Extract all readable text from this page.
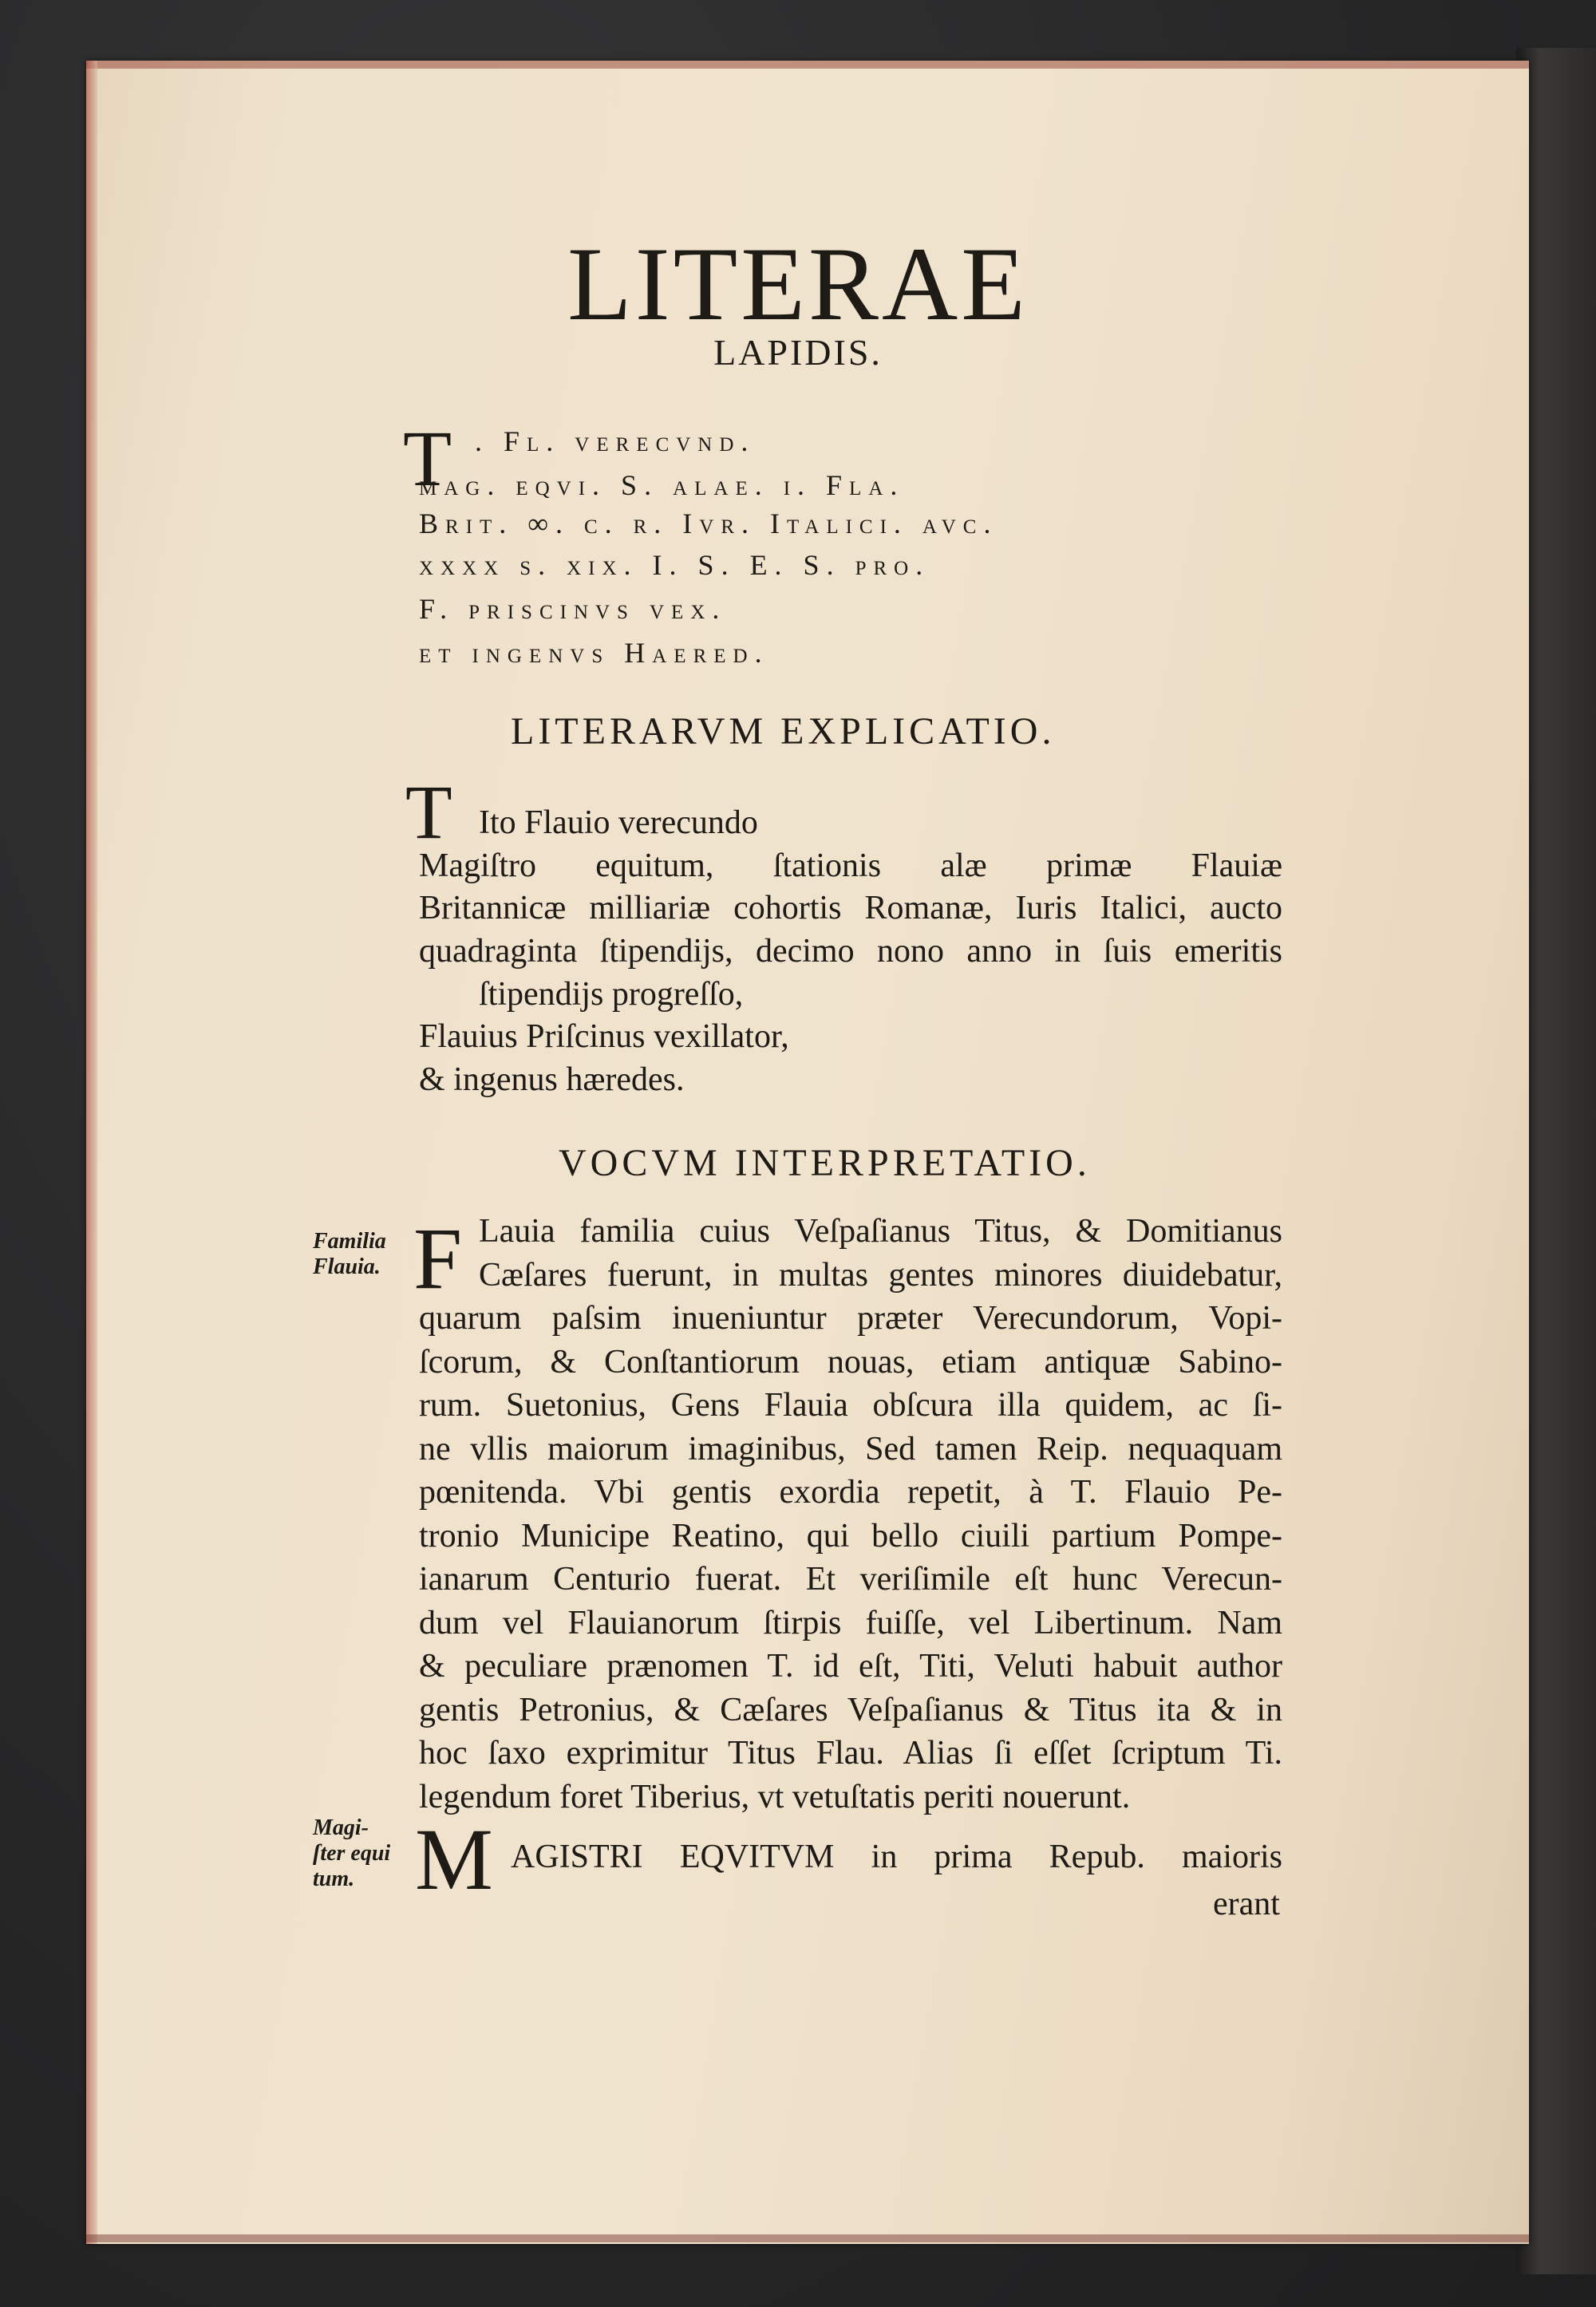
LITERAE
LAPIDIS.
T . Fl. verecvnd.
mag. eqvi. S. alae. i. Fla.
Brit. ∞. c. r. Ivr. Italici. avc.
xxxx s. xix. I. S. E. S. pro.
F. priscinvs vex.
et ingenvs Haered.
LITERARVM EXPLICATIO.
T Ito Flauio verecundo
Magiſtro equitum, ſtationis alæ primæ Flauiæ
Britannicæ milliariæ cohortis Romanæ, Iuris Italici, aucto
quadraginta ſtipendijs, decimo nono anno in ſuis emeritis
ſtipendijs progreſſo,
Flauius Priſcinus vexillator,
& ingenus hæredes.
VOCVM INTERPRETATIO.
Familia
Flauia. F Lauia familia cuius Veſpaſianus Titus, & Domitianus
Cæſares fuerunt, in multas gentes minores diuidebatur,
quarum paſsim inueniuntur præter Verecundorum, Vopi-
ſcorum, & Conſtantiorum nouas, etiam antiquæ Sabino-
rum. Suetonius, Gens Flauia obſcura illa quidem, ac ſi-
ne vllis maiorum imaginibus, Sed tamen Reip. nequaquam
pœnitenda. Vbi gentis exordia repetit, à T. Flauio Pe-
tronio Municipe Reatino, qui bello ciuili partium Pompe-
ianarum Centurio fuerat. Et veriſimile eſt hunc Verecun-
dum vel Flauianorum ſtirpis fuiſſe, vel Libertinum. Nam
& peculiare prænomen T. id eſt, Titi, Veluti habuit author
gentis Petronius, & Cæſares Veſpaſianus & Titus ita & in
hoc ſaxo exprimitur Titus Flau. Alias ſi eſſet ſcriptum Ti.
legendum foret Tiberius, vt vetuſtatis periti nouerunt.
Magi-
ſter equi
tum. M AGISTRI EQVITVM in prima Repub. maioris
erant
